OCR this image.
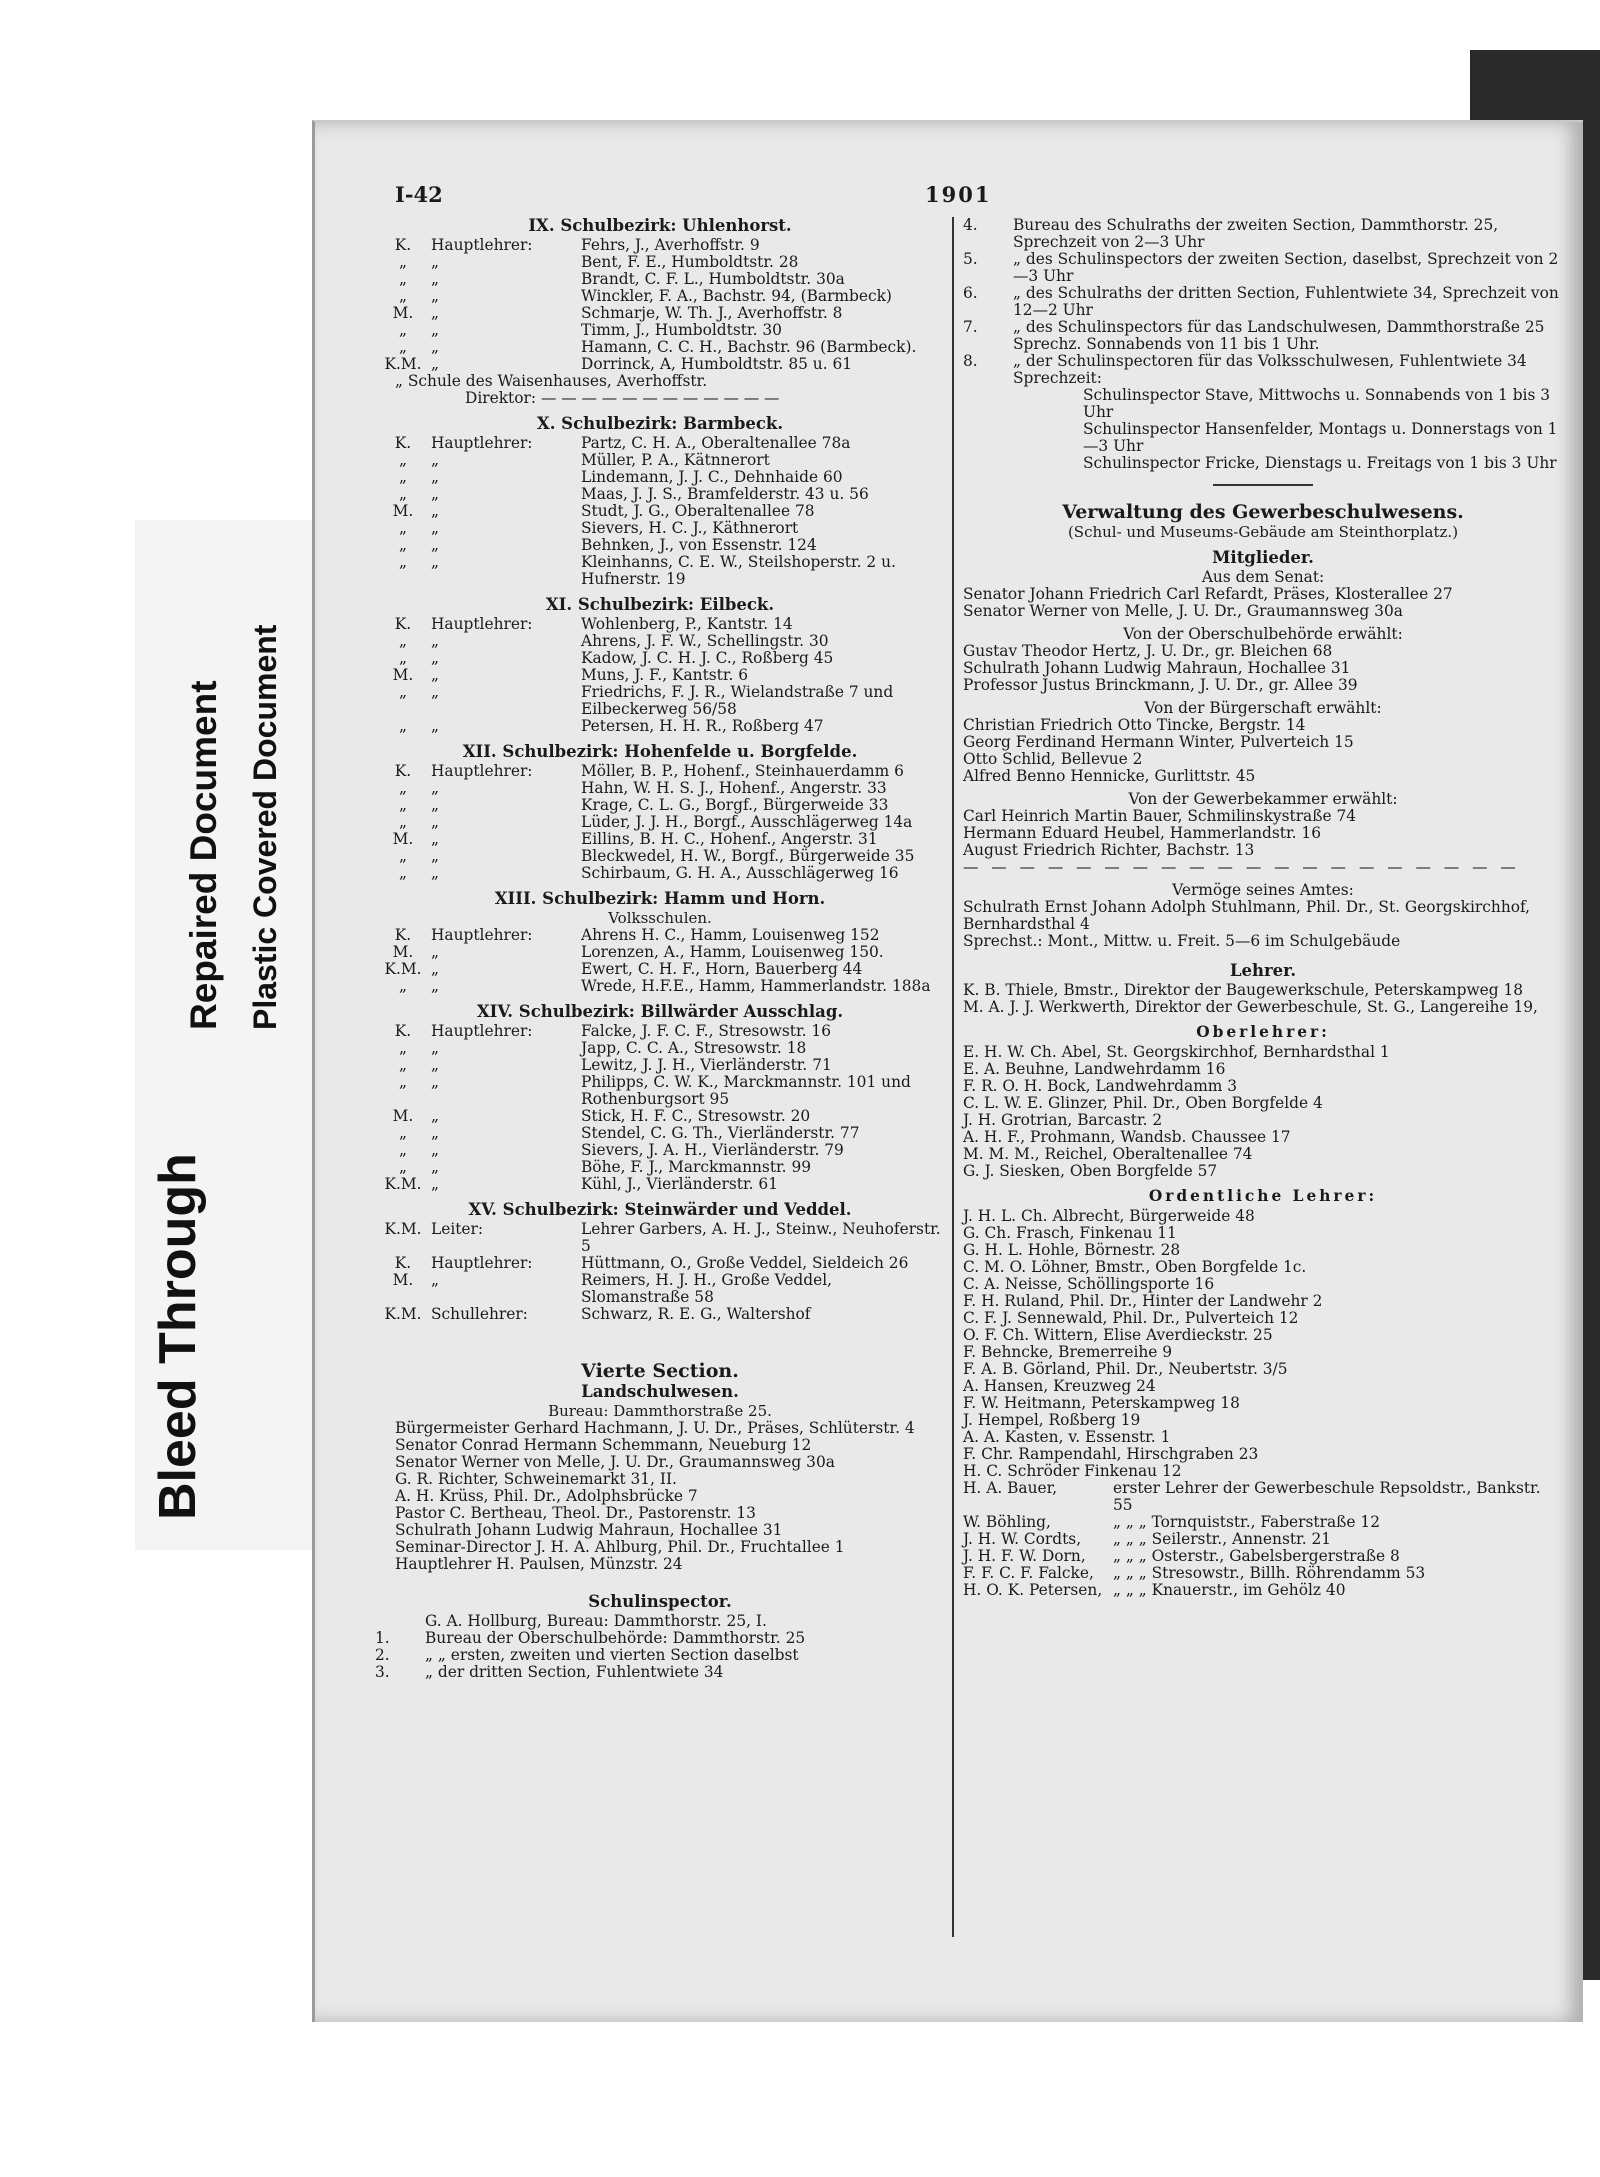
Bleed Through
Repaired Document Plastic Covered Document
I-42	1901
IX. Schulbezirk: Uhlenhorst.
K.	Hauptlehrer:	Fehrs, J., Averhoffstr. 9
„	„	Bent, F. E., Humboldtstr. 28
„	„	Brandt, C. F. L., Humboldtstr. 30a
„	„	Winckler, F. A., Bachstr. 94, (Barmbeck)
M.	„	Schmarje, W. Th. J., Averhoffstr. 8
„	„	Timm, J., Humboldtstr. 30
„	„	Hamann, C. C. H., Bachstr. 96 (Barmbeck).
K.M. „	Dorrinck, A, Humboldtstr. 85 u. 61
„ Schule des Waisenhauses, Averhoffstr.
Direktor: — — — — — — — — — — — —
X. Schulbezirk: Barmbeck.
K.	Hauptlehrer:	Partz, C. H. A., Oberaltenallee 78a
„	„	Müller, P. A., Kätnnerort
„	„	Lindemann, J. J. C., Dehnhaide 60
„	„	Maas, J. J. S., Bramfelderstr. 43 u. 56
M.	„	Studt, J. G., Oberaltenallee 78
„	„	Sievers, H. C. J., Käthnerort
„	„	Behnken, J., von Essenstr. 124
„	„	Kleinhanns, C. E. W., Steilshoperstr. 2 u. Hufnerstr. 19
XI. Schulbezirk: Eilbeck.
K.	Hauptlehrer:	Wohlenberg, P., Kantstr. 14
„	„	Ahrens, J. F. W., Schellingstr. 30
„	„	Kadow, J. C. H. J. C., Roßberg 45
M.	„	Muns, J. F., Kantstr. 6
„	„	Friedrichs, F. J. R., Wielandstraße 7 und Eilbeckerweg 56/58
„	„	Petersen, H. H. R., Roßberg 47
XII. Schulbezirk: Hohenfelde u. Borgfelde.
K.	Hauptlehrer:	Möller, B. P., Hohenf., Steinhauerdamm 6
„	„	Hahn, W. H. S. J., Hohenf., Angerstr. 33
„	„	Krage, C. L. G., Borgf., Bürgerweide 33
„	„	Lüder, J. J. H., Borgf., Ausschlägerweg 14a
M.	„	Eillins, B. H. C., Hohenf., Angerstr. 31
„	„	Bleckwedel, H. W., Borgf., Bürgerweide 35
„	„	Schirbaum, G. H. A., Ausschlägerweg 16
XIII. Schulbezirk: Hamm und Horn.
Volksschulen.
K.	Hauptlehrer:	Ahrens H. C., Hamm, Louisenweg 152
M.	„	Lorenzen, A., Hamm, Louisenweg 150.
K.M. „	Ewert, C. H. F., Horn, Bauerberg 44
„	„	Wrede, H.F.E., Hamm, Hammerlandstr. 188a
XIV. Schulbezirk: Billwärder Ausschlag.
K.	Hauptlehrer:	Falcke, J. F. C. F., Stresowstr. 16
„	„	Japp, C. C. A., Stresowstr. 18
„	„	Lewitz, J. J. H., Vierländerstr. 71
„	„	Philipps, C. W. K., Marckmannstr. 101 und Rothenburgsort 95
M.	„	Stick, H. F. C., Stresowstr. 20
„	„	Stendel, C. G. Th., Vierländerstr. 77
„	„	Sievers, J. A. H., Vierländerstr. 79
„	„	Böhe, F. J., Marckmannstr. 99
K.M. „	Kühl, J., Vierländerstr. 61
XV. Schulbezirk: Steinwärder und Veddel.
K.M. Leiter:	Lehrer Garbers, A. H. J., Steinw., Neuhoferstr. 5
K.	Hauptlehrer:	Hüttmann, O., Große Veddel, Sieldeich 26
M.	„	Reimers, H. J. H., Große Veddel, Slomanstraße 58
K.M. Schullehrer:	Schwarz, R. E. G., Waltershof
Vierte Section.
Landschulwesen.
Bureau: Dammthorstraße 25.
Bürgermeister Gerhard Hachmann, J. U. Dr., Präses, Schlüterstr. 4
Senator Conrad Hermann Schemmann, Neueburg 12
Senator Werner von Melle, J. U. Dr., Graumannsweg 30a
G. R. Richter, Schweinemarkt 31, II.
A. H. Krüss, Phil. Dr., Adolphsbrücke 7
Pastor C. Bertheau, Theol. Dr., Pastorenstr. 13
Schulrath Johann Ludwig Mahraun, Hochallee 31
Seminar-Director J. H. A. Ahlburg, Phil. Dr., Fruchtallee 1
Hauptlehrer H. Paulsen, Münzstr. 24
Schulinspector.
G. A. Hollburg, Bureau: Dammthorstr. 25, I.
1.	Bureau der Oberschulbehörde: Dammthorstr. 25
2.	„ „ ersten, zweiten und vierten Section daselbst
3.	„ der dritten Section, Fuhlentwiete 34
4.	Bureau des Schulraths der zweiten Section, Dammthorstr. 25, Sprechzeit von 2—3 Uhr
5.	„ des Schulinspectors der zweiten Section, daselbst, Sprechzeit von 2—3 Uhr
6.	„ des Schulraths der dritten Section, Fuhlentwiete 34, Sprechzeit von 12—2 Uhr
7.	„ des Schulinspectors für das Landschulwesen, Dammthorstraße 25 Sprechz. Sonnabends von 11 bis 1 Uhr.
8.	„ der Schulinspectoren für das Volksschulwesen, Fuhlentwiete 34 Sprechzeit:
Schulinspector Stave, Mittwochs u. Sonnabends von 1 bis 3 Uhr
Schulinspector Hansenfelder, Montags u. Donnerstags von 1—3 Uhr
Schulinspector Fricke, Dienstags u. Freitags von 1 bis 3 Uhr
Verwaltung des Gewerbeschulwesens.
(Schul- und Museums-Gebäude am Steinthorplatz.)
Mitglieder.
Aus dem Senat:
Senator Johann Friedrich Carl Refardt, Präses, Klosterallee 27
Senator Werner von Melle, J. U. Dr., Graumannsweg 30a
Von der Oberschulbehörde erwählt:
Gustav Theodor Hertz, J. U. Dr., gr. Bleichen 68
Schulrath Johann Ludwig Mahraun, Hochallee 31
Professor Justus Brinckmann, J. U. Dr., gr. Allee 39
Von der Bürgerschaft erwählt:
Christian Friedrich Otto Tincke, Bergstr. 14
Georg Ferdinand Hermann Winter, Pulverteich 15
Otto Schlid, Bellevue 2
Alfred Benno Hennicke, Gurlittstr. 45
Von der Gewerbekammer erwählt:
Carl Heinrich Martin Bauer, Schmilinskystraße 74
Hermann Eduard Heubel, Hammerlandstr. 16
August Friedrich Richter, Bachstr. 13
— — — — — — — — — — — — — — — — — — — —
Vermöge seines Amtes:
Schulrath Ernst Johann Adolph Stuhlmann, Phil. Dr., St. Georgskirchhof, Bernhardsthal 4
Sprechst.: Mont., Mittw. u. Freit. 5—6 im Schulgebäude
Lehrer.
K. B. Thiele, Bmstr., Direktor der Baugewerkschule, Peterskampweg 18
M. A. J. J. Werkwerth, Direktor der Gewerbeschule, St. G., Langereihe 19,
Oberlehrer:
E. H. W. Ch. Abel, St. Georgskirchhof, Bernhardsthal 1
E. A. Beuhne, Landwehrdamm 16
F. R. O. H. Bock, Landwehrdamm 3
C. L. W. E. Glinzer, Phil. Dr., Oben Borgfelde 4
J. H. Grotrian, Barcastr. 2
A. H. F., Prohmann, Wandsb. Chaussee 17
M. M. M., Reichel, Oberaltenallee 74
G. J. Siesken, Oben Borgfelde 57
Ordentliche Lehrer:
J. H. L. Ch. Albrecht, Bürgerweide 48
G. Ch. Frasch, Finkenau 11
G. H. L. Hohle, Börnestr. 28
C. M. O. Löhner, Bmstr., Oben Borgfelde 1c.
C. A. Neisse, Schöllingsporte 16
F. H. Ruland, Phil. Dr., Hinter der Landwehr 2
C. F. J. Sennewald, Phil. Dr., Pulverteich 12
O. F. Ch. Wittern, Elise Averdieckstr. 25
F. Behncke, Bremerreihe 9
F. A. B. Görland, Phil. Dr., Neubertstr. 3/5
A. Hansen, Kreuzweg 24
F. W. Heitmann, Peterskampweg 18
J. Hempel, Roßberg 19
A. A. Kasten, v. Essenstr. 1
F. Chr. Rampendahl, Hirschgraben 23
H. C. Schröder Finkenau 12
H. A. Bauer,	erster Lehrer der Gewerbeschule Repsoldstr., Bankstr. 55
W. Böhling,	„ „ „ Tornquiststr., Faberstraße 12
J. H. W. Cordts,	„ „ „ Seilerstr., Annenstr. 21
J. H. F. W. Dorn,	„ „ „ Osterstr., Gabelsbergerstraße 8
F. F. C. F. Falcke,	„ „ „ Stresowstr., Billh. Röhrendamm 53
H. O. K. Petersen, „ „ „ Knauerstr., im Gehölz 40
